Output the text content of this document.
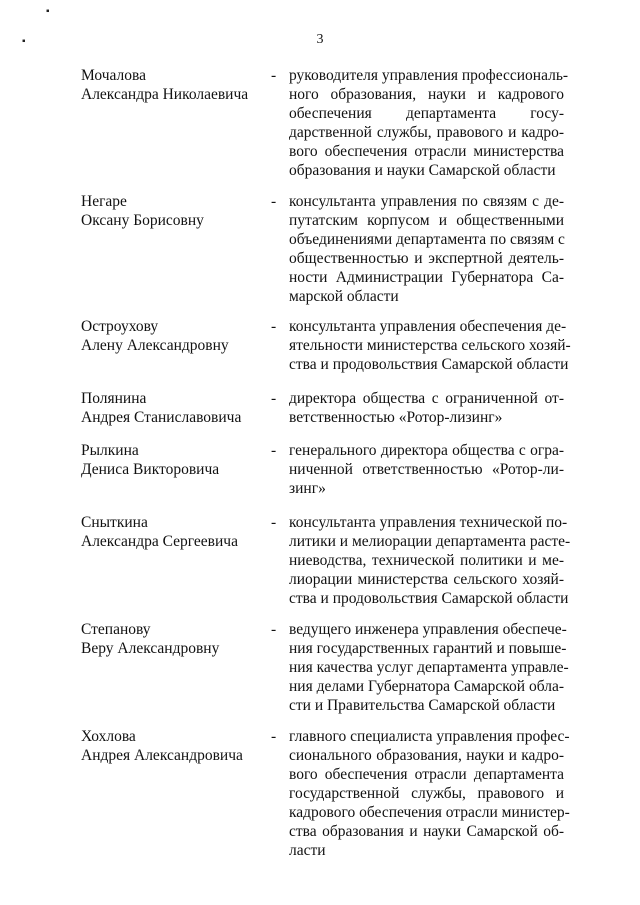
3
▪
▪
Мочалова
Александра Николаевича
- руководителя управления профессиональ-
ного образования, науки и кадрового
обеспечения департамента госу-
дарственной службы, правового и кадро-
вого обеспечения отрасли министерства
образования и науки Самарской области
Негаре
Оксану Борисовну
- консультанта управления по связям с де-
путатским корпусом и общественными
объединениями департамента по связям с
общественностью и экспертной деятель-
ности Администрации Губернатора Са-
марской области
Остроухову
Алену Александровну
- консультанта управления обеспечения де-
ятельности министерства сельского хозяй-
ства и продовольствия Самарской области
Полянина
Андрея Станиславовича
- директора общества с ограниченной от-
ветственностью «Ротор-лизинг»
Рылкина
Дениса Викторовича
- генерального директора общества с огра-
ниченной ответственностью «Ротор-ли-
зинг»
Сныткина
Александра Сергеевича
- консультанта управления технической по-
литики и мелиорации департамента расте-
ниеводства, технической политики и ме-
лиорации министерства сельского хозяй-
ства и продовольствия Самарской области
Степанову
Веру Александровну
- ведущего инженера управления обеспече-
ния государственных гарантий и повыше-
ния качества услуг департамента управле-
ния делами Губернатора Самарской обла-
сти и Правительства Самарской области
Хохлова
Андрея Александровича
- главного специалиста управления профес-
сионального образования, науки и кадро-
вого обеспечения отрасли департамента
государственной службы, правового и
кадрового обеспечения отрасли министер-
ства образования и науки Самарской об-
ласти
